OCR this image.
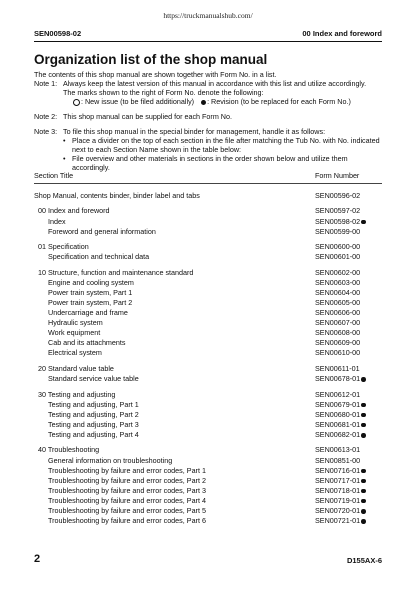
https://truckmanualshub.com/
SEN00598-02	00 Index and foreword
Organization list of the shop manual

The contents of this shop manual are shown together with Form No. in a list.

Note 1: Always keep the latest version of this manual in accordance with this list and utilize accordingly.

The marks shown to the right of Form No. denote the following:

: New issue (to be filed additionally) : Revision (to be replaced for each Form No.)

Note 2: This shop manual can be supplied for each Form No.

Note 3: To file this shop manual in the special binder for management, handle it as follows:

• Place a divider on the top of each section in the file after matching the Tub No. with No. indicated next to each Section Name shown in the table below:

• File overview and other materials in sections in the order shown below and utilize them accordingly.

Section Title	Form Number
Shop Manual, contents binder, binder label and tabs	SEN00596-02
00 Index and foreword	SEN00597-02
Index	SEN00598-02
Foreword and general information	SEN00599-00
01 Specification	SEN00600-00
Specification and technical data	SEN00601-00
10 Structure, function and maintenance standard	SEN00602-00
Engine and cooling system	SEN00603-00
Power train system, Part 1	SEN00604-00
Power train system, Part 2	SEN00605-00
Undercarriage and frame	SEN00606-00
Hydraulic system	SEN00607-00
Work equipment	SEN00608-00
Cab and its attachments	SEN00609-00
Electrical system	SEN00610-00
20 Standard value table	SEN00611-01
Standard service value table	SEN00678-01
30 Testing and adjusting	SEN00612-01
Testing and adjusting, Part 1	SEN00679-01
Testing and adjusting, Part 2	SEN00680-01
Testing and adjusting, Part 3	SEN00681-01
Testing and adjusting, Part 4	SEN00682-01
40 Troubleshooting	SEN00613-01
General information on troubleshooting	SEN00851-00
Troubleshooting by failure and error codes, Part 1	SEN00716-01
Troubleshooting by failure and error codes, Part 2	SEN00717-01
Troubleshooting by failure and error codes, Part 3	SEN00718-01
Troubleshooting by failure and error codes, Part 4	SEN00719-01
Troubleshooting by failure and error codes, Part 5	SEN00720-01
Troubleshooting by failure and error codes, Part 6	SEN00721-01
2	D155AX-6
